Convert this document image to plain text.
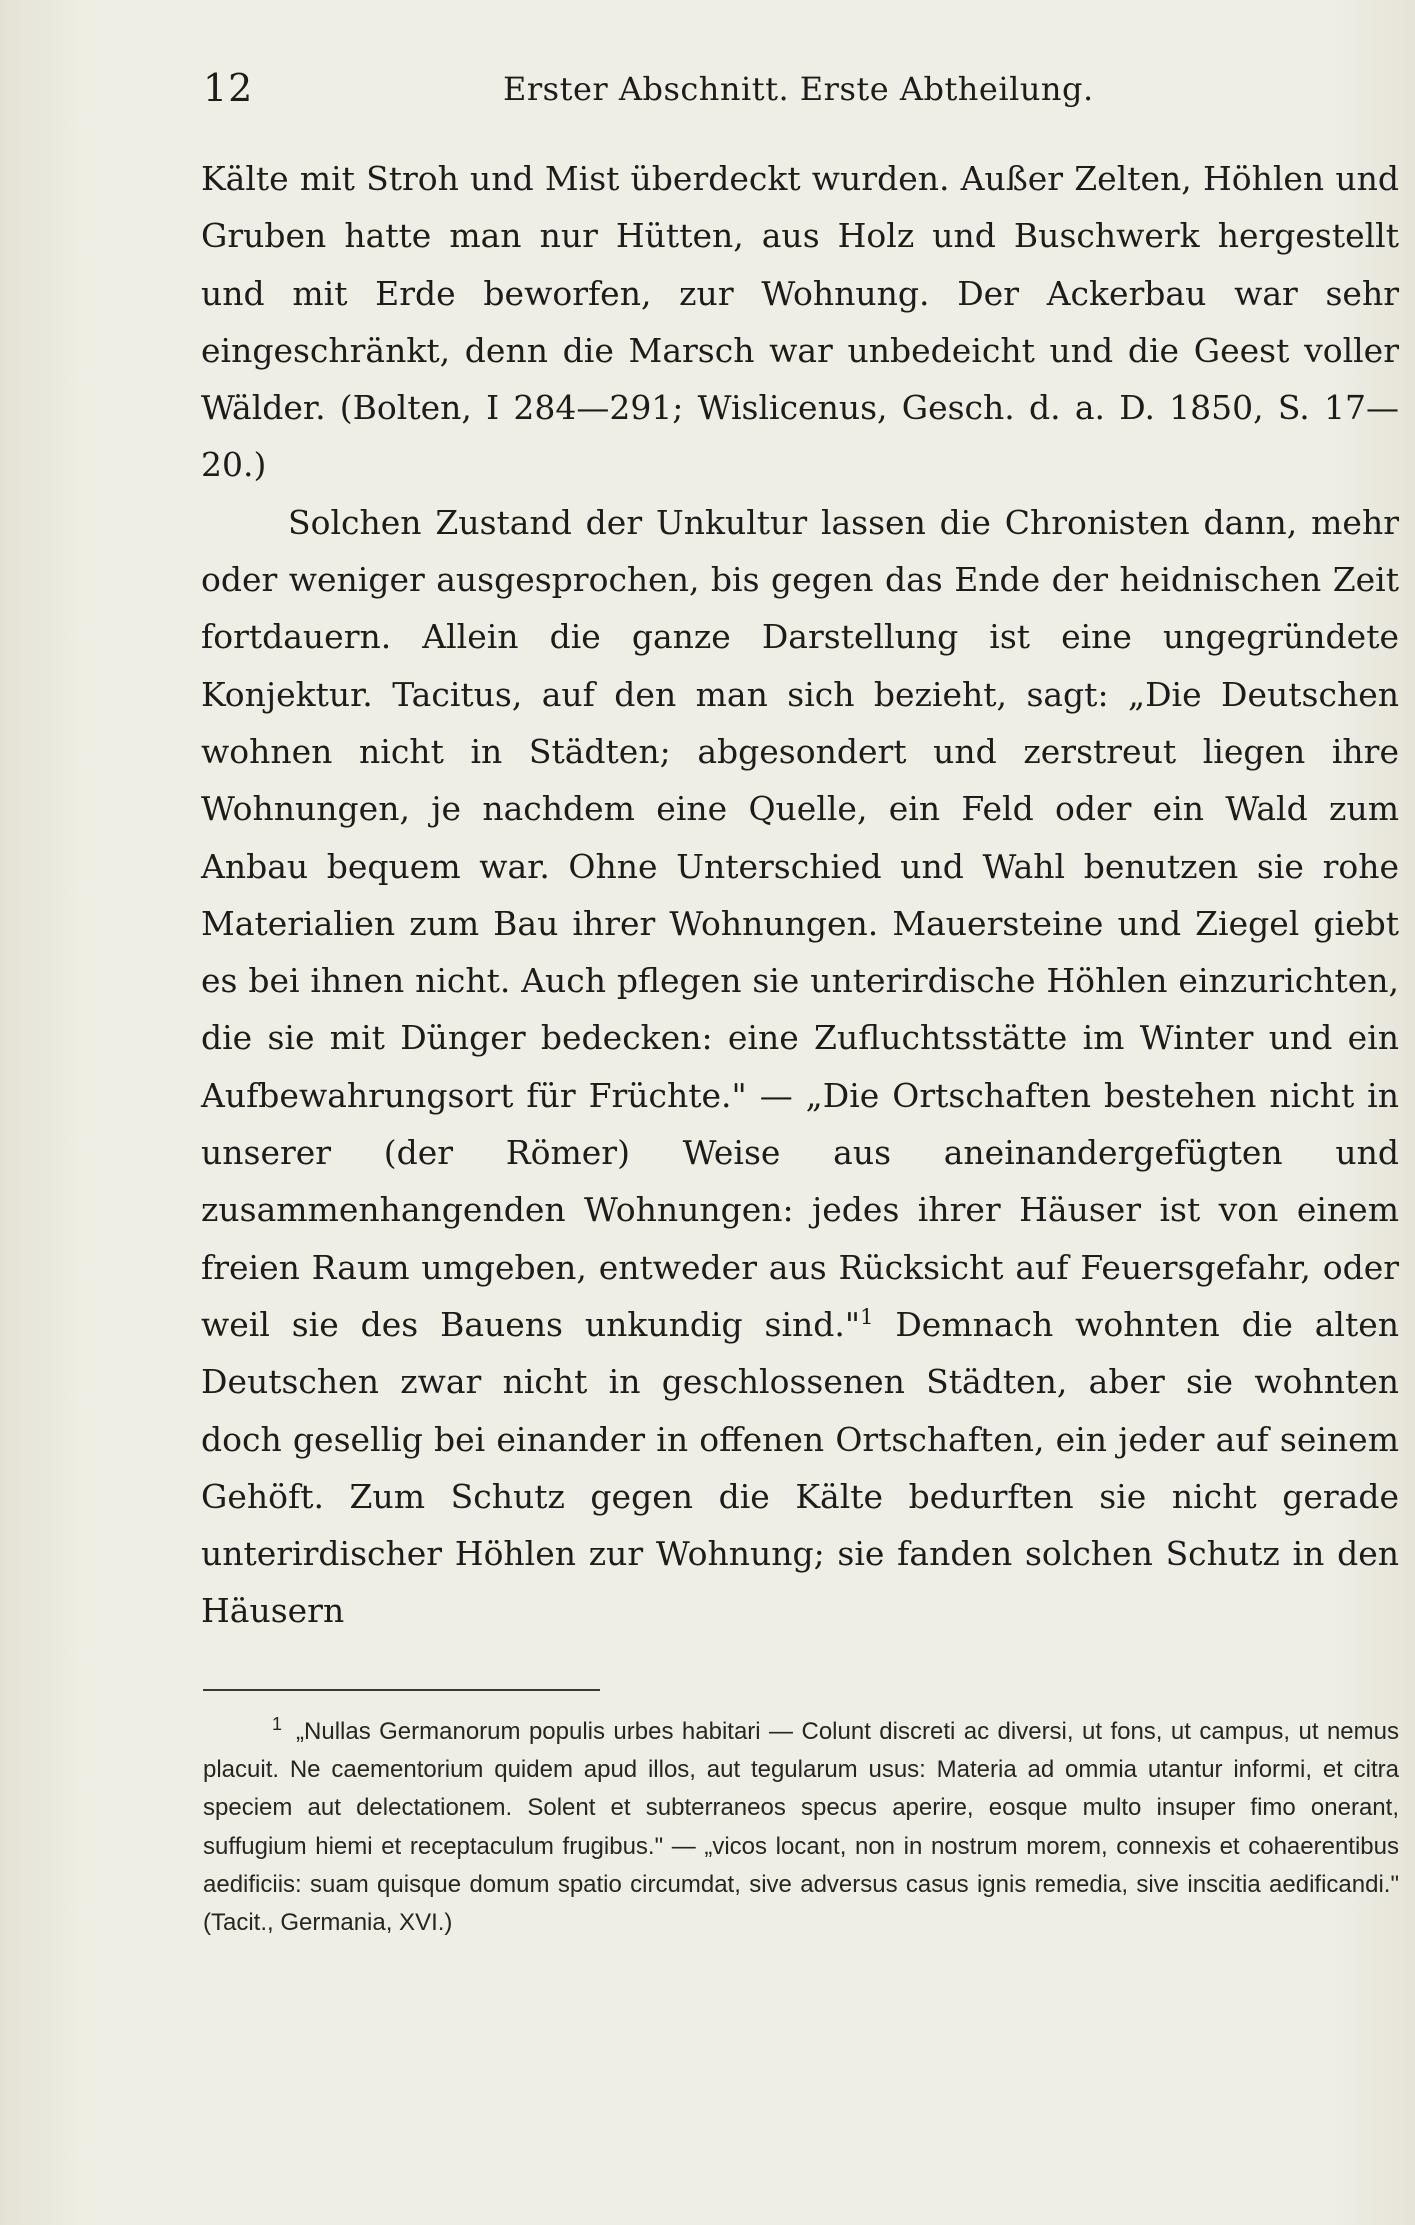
12	Erster Abschnitt. Erste Abtheilung.

Kälte mit Stroh und Mist überdeckt wurden. Außer Zelten, Höhlen und Gruben hatte man nur Hütten, aus Holz und Buschwerk hergestellt und mit Erde beworfen, zur Wohnung. Der Ackerbau war sehr eingeschränkt, denn die Marsch war unbedeicht und die Geest voller Wälder. (Bolten, I 284—291; Wislicenus, Gesch. d. a. D. 1850, S. 17—20.)

Solchen Zustand der Unkultur lassen die Chronisten dann, mehr oder weniger ausgesprochen, bis gegen das Ende der heidnischen Zeit fortdauern. Allein die ganze Darstellung ist eine ungegründete Konjektur. Tacitus, auf den man sich bezieht, sagt: „Die Deutschen wohnen nicht in Städten; abgesondert und zerstreut liegen ihre Wohnungen, je nachdem eine Quelle, ein Feld oder ein Wald zum Anbau bequem war. Ohne Unterschied und Wahl benutzen sie rohe Materialien zum Bau ihrer Wohnungen. Mauersteine und Ziegel giebt es bei ihnen nicht. Auch pflegen sie unterirdische Höhlen einzurichten, die sie mit Dünger bedecken: eine Zufluchtsstätte im Winter und ein Aufbewahrungsort für Früchte." — „Die Ortschaften bestehen nicht in unserer (der Römer) Weise aus aneinandergefügten und zusammenhangenden Wohnungen: jedes ihrer Häuser ist von einem freien Raum umgeben, entweder aus Rücksicht auf Feuersgefahr, oder weil sie des Bauens unkundig sind."$^1$ Demnach wohnten die alten Deutschen zwar nicht in geschlossenen Städten, aber sie wohnten doch gesellig bei einander in offenen Ortschaften, ein jeder auf seinem Gehöft. Zum Schutz gegen die Kälte bedurften sie nicht gerade unterirdischer Höhlen zur Wohnung; sie fanden solchen Schutz in den Häusern

$^1$ „Nullas Germanorum populis urbes habitari — Colunt discreti ac diversi, ut fons, ut campus, ut nemus placuit. Ne caementorium quidem apud illos, aut tegularum usus: Materia ad ommia utantur informi, et citra speciem aut delectationem. Solent et subterraneos specus aperire, eosque multo insuper fimo onerant, suffugium hiemi et receptaculum frugibus." — „vicos locant, non in nostrum morem, connexis et cohaerentibus aedificiis: suam quisque domum spatio circumdat, sive adversus casus ignis remedia, sive inscitia aedificandi." (Tacit., Germania, XVI.)
